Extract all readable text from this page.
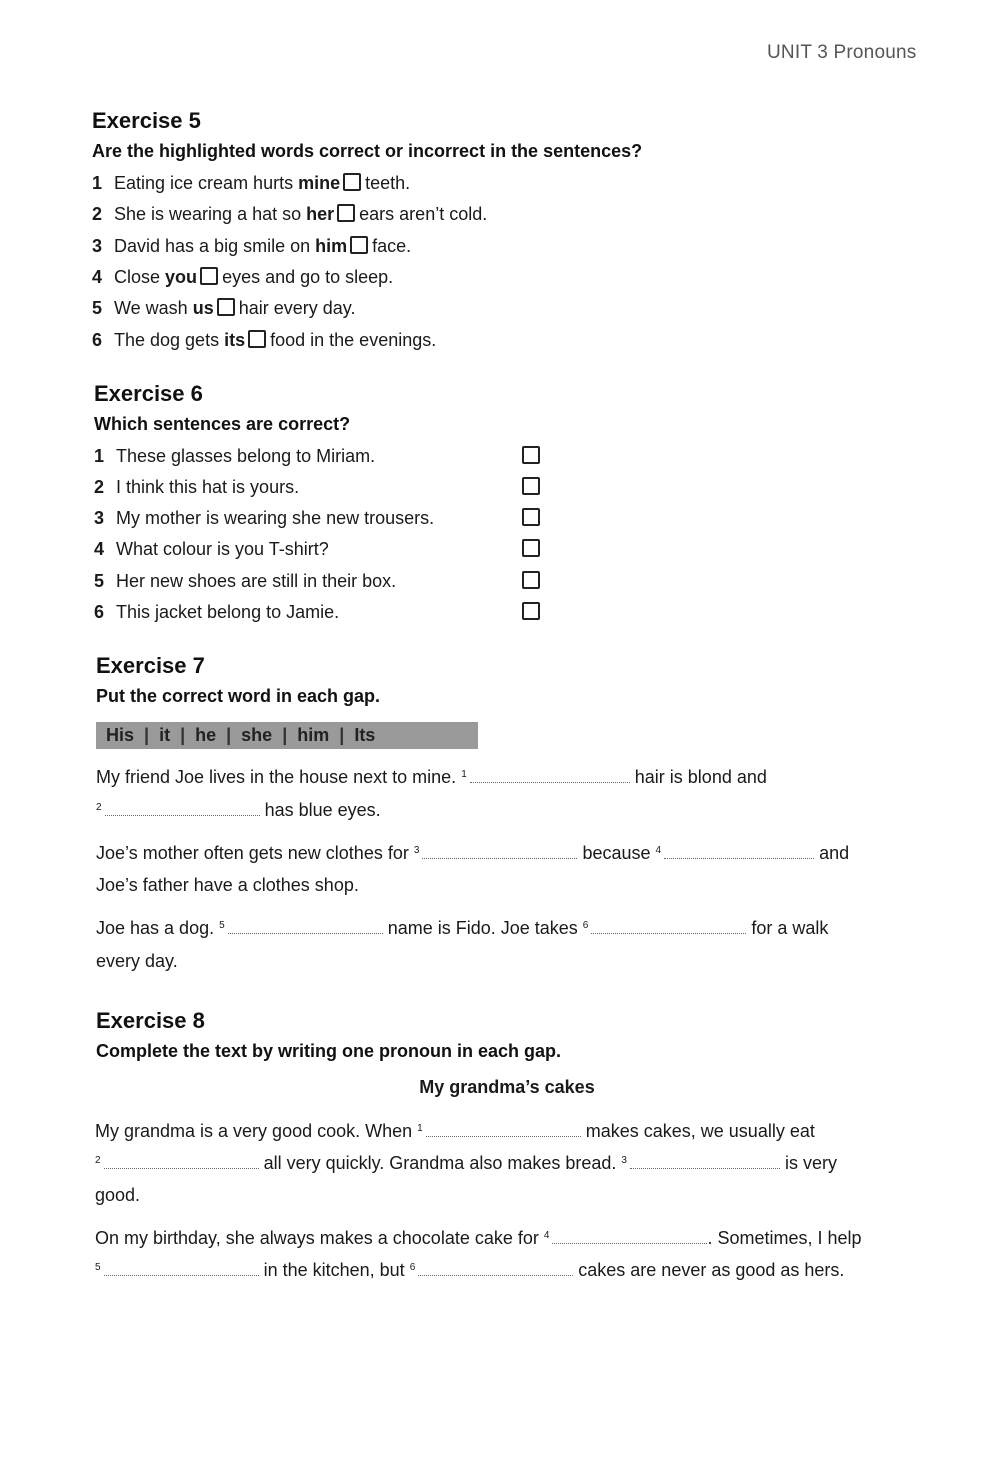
UNIT 3 Pronouns
Exercise 5
Are the highlighted words correct or incorrect in the sentences?
1 Eating ice cream hurts mine teeth.
2 She is wearing a hat so her ears aren’t cold.
3 David has a big smile on him face.
4 Close you eyes and go to sleep.
5 We wash us hair every day.
6 The dog gets its food in the evenings.
Exercise 6
Which sentences are correct?
1 These glasses belong to Miriam.
2 I think this hat is yours.
3 My mother is wearing she new trousers.
4 What colour is you T-shirt?
5 Her new shoes are still in their box.
6 This jacket belong to Jamie.
Exercise 7
Put the correct word in each gap.
His | it | he | she | him | Its
My friend Joe lives in the house next to mine. $^1$	hair is blond and
$^2$	has blue eyes.
Joe’s mother often gets new clothes for $^3$	because $^4$	and
Joe’s father have a clothes shop.
Joe has a dog. $^5$	name is Fido. Joe takes $^6$	for a walk
every day.
Exercise 8
Complete the text by writing one pronoun in each gap.
My grandma’s cakes
My grandma is a very good cook. When $^1$	makes cakes, we usually eat
$^2$	all very quickly. Grandma also makes bread. $^3$	is very
good.
On my birthday, she always makes a chocolate cake for $^4$	. Sometimes, I help
$^5$	in the kitchen, but $^6$	cakes are never as good as hers.
